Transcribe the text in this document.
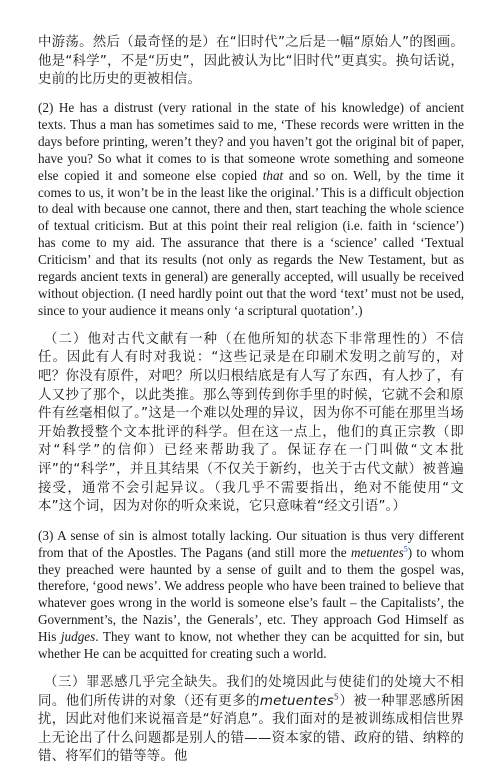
中游荡。然后（最奇怪的是）在“旧时代”之后是一幅“原始人”的图画。他是“科学”，不是“历史”，因此被认为比“旧时代”更真实。换句话说，史前的比历史的更被相信。

(2) He has a distrust (very rational in the state of his knowledge) of ancient texts. Thus a man has sometimes said to me, ‘These records were written in the days before printing, weren’t they? and you haven’t got the original bit of paper, have you? So what it comes to is that someone wrote something and someone else copied it and someone else copied that and so on. Well, by the time it comes to us, it won’t be in the least like the original.’ This is a difficult objection to deal with because one cannot, there and then, start teaching the whole science of textual criticism. But at this point their real religion (i.e. faith in ‘science’) has come to my aid. The assurance that there is a ‘science’ called ‘Textual Criticism’ and that its results (not only as regards the New Testament, but as regards ancient texts in general) are generally accepted, will usually be received without objection. (I need hardly point out that the word ‘text’ must not be used, since to your audience it means only ‘a scriptural quotation’.)

（二）他对古代文献有一种（在他所知的状态下非常理性的）不信任。因此有人有时对我说：“这些记录是在印刷术发明之前写的，对吧？你没有原件，对吧？所以归根结底是有人写了东西，有人抄了，有人又抄了那个，以此类推。那么等到传到你手里的时候，它就不会和原件有丝毫相似了。”这是一个难以处理的异议，因为你不可能在那里当场开始教授整个文本批评的科学。但在这一点上，他们的真正宗教（即对“科学”的信仰）已经来帮助我了。保证存在一门叫做“文本批评”的“科学”，并且其结果（不仅关于新约，也关于古代文献）被普遍接受，通常不会引起异议。（我几乎不需要指出，绝对不能使用“文本”这个词，因为对你的听众来说，它只意味着“经文引语”。）

(3) A sense of sin is almost totally lacking. Our situation is thus very different from that of the Apostles. The Pagans (and still more the metuentes$^5$) to whom they preached were haunted by a sense of guilt and to them the gospel was, therefore, ‘good news’. We address people who have been trained to believe that whatever goes wrong in the world is someone else’s fault – the Capitalists’, the Government’s, the Nazis’, the Generals’, etc. They approach God Himself as His judges. They want to know, not whether they can be acquitted for sin, but whether He can be acquitted for creating such a world.

（三）罪恶感几乎完全缺失。我们的处境因此与使徒们的处境大不相同。他们所传讲的对象（还有更多的metuentes$^5$）被一种罪恶感所困扰，因此对他们来说福音是“好消息”。我们面对的是被训练成相信世界上无论出了什么问题都是别人的错——资本家的错、政府的错、纳粹的错、将军们的错等等。他
